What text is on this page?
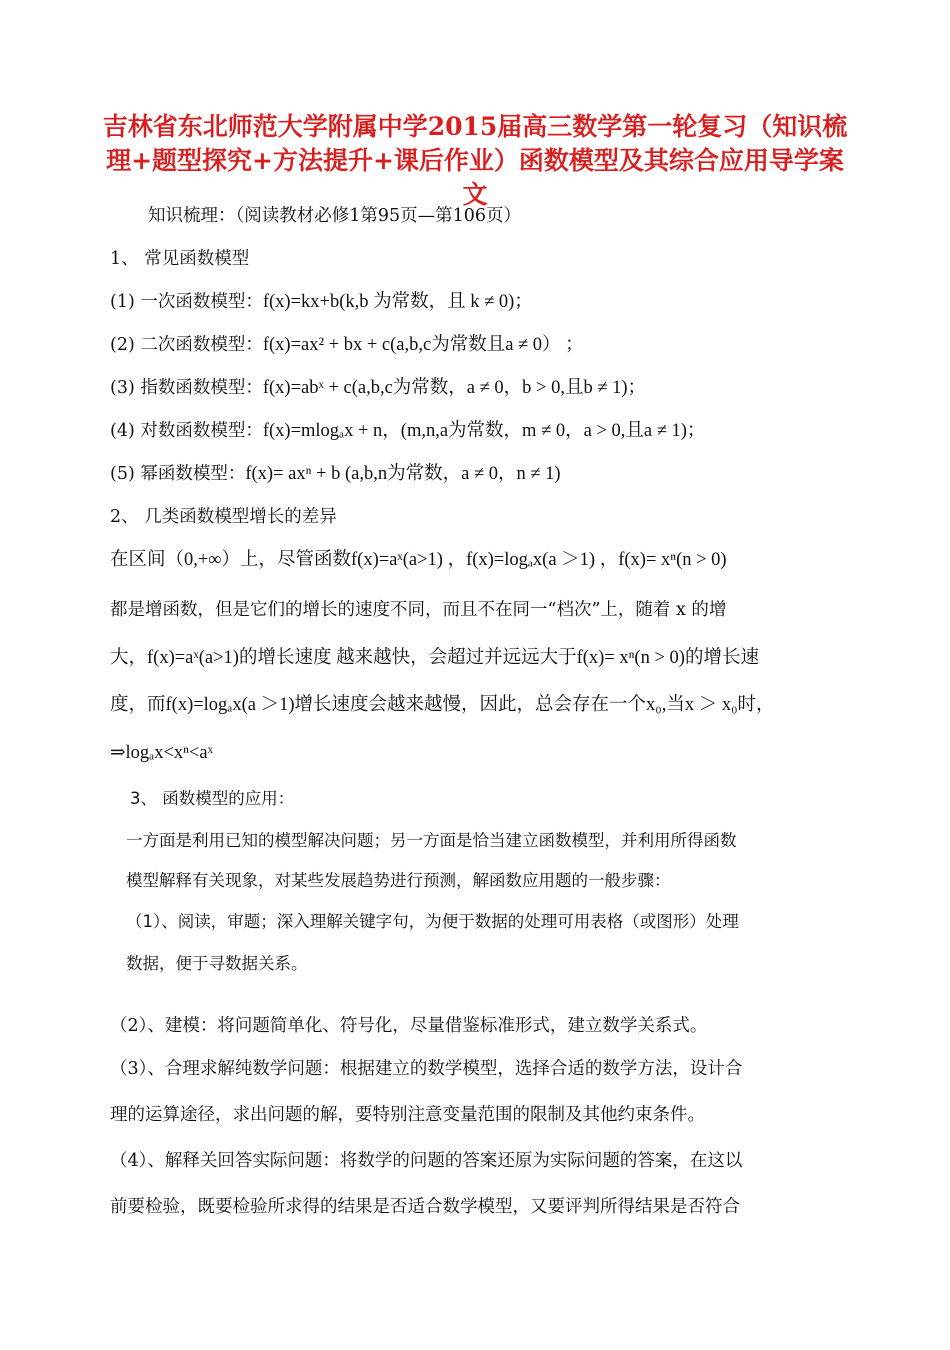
吉林省东北师范大学附属中学2015届高三数学第一轮复习（知识梳理+题型探究+方法提升+课后作业）函数模型及其综合应用导学案 文
知识梳理：（阅读教材必修1第95页—第106页）
1、 常见函数模型
(1) 一次函数模型：f(x)=kx+b(k,b 为常数，且 k ≠ 0)；
(2) 二次函数模型：f(x)=ax² + bx + c(a,b,c为常数且a ≠ 0） ；
(3) 指数函数模型：f(x)=abˣ + c(a,b,c为常数，a ≠ 0，b > 0,且b ≠ 1)；
(4) 对数函数模型：f(x)=mlogₐx + n，(m,n,a为常数，m ≠ 0，a > 0,且a ≠ 1)；
(5) 幂函数模型：f(x)= axⁿ + b (a,b,n为常数，a ≠ 0，n ≠ 1)
2、 几类函数模型增长的差异
在区间（0,+∞）上，尽管函数f(x)=aˣ(a>1) ，f(x)=logₐx(a ＞1) ，f(x)= xⁿ(n > 0)
都是增函数，但是它们的增长的速度不同，而且不在同一“档次”上，随着 x 的增
大，f(x)=aˣ(a>1)的增长速度 越来越快，会超过并远远大于f(x)= xⁿ(n > 0)的增长速
度，而f(x)=logₐx(a ＞1)增长速度会越来越慢，因此，总会存在一个x₀,当x ＞ x₀时，
⇒logₐx<xⁿ<aˣ
3、 函数模型的应用：
一方面是利用已知的模型解决问题；另一方面是恰当建立函数模型，并利用所得函数
模型解释有关现象，对某些发展趋势进行预测，解函数应用题的一般步骤：
（1）、阅读，审题；深入理解关键字句，为便于数据的处理可用表格（或图形）处理
数据，便于寻数据关系。
（2）、建模：将问题简单化、符号化，尽量借鉴标准形式，建立数学关系式。
（3）、合理求解纯数学问题：根据建立的数学模型，选择合适的数学方法，设计合
理的运算途径，求出问题的解，要特别注意变量范围的限制及其他约束条件。
（4）、解释关回答实际问题：将数学的问题的答案还原为实际问题的答案，在这以
前要检验，既要检验所求得的结果是否适合数学模型，又要评判所得结果是否符合
